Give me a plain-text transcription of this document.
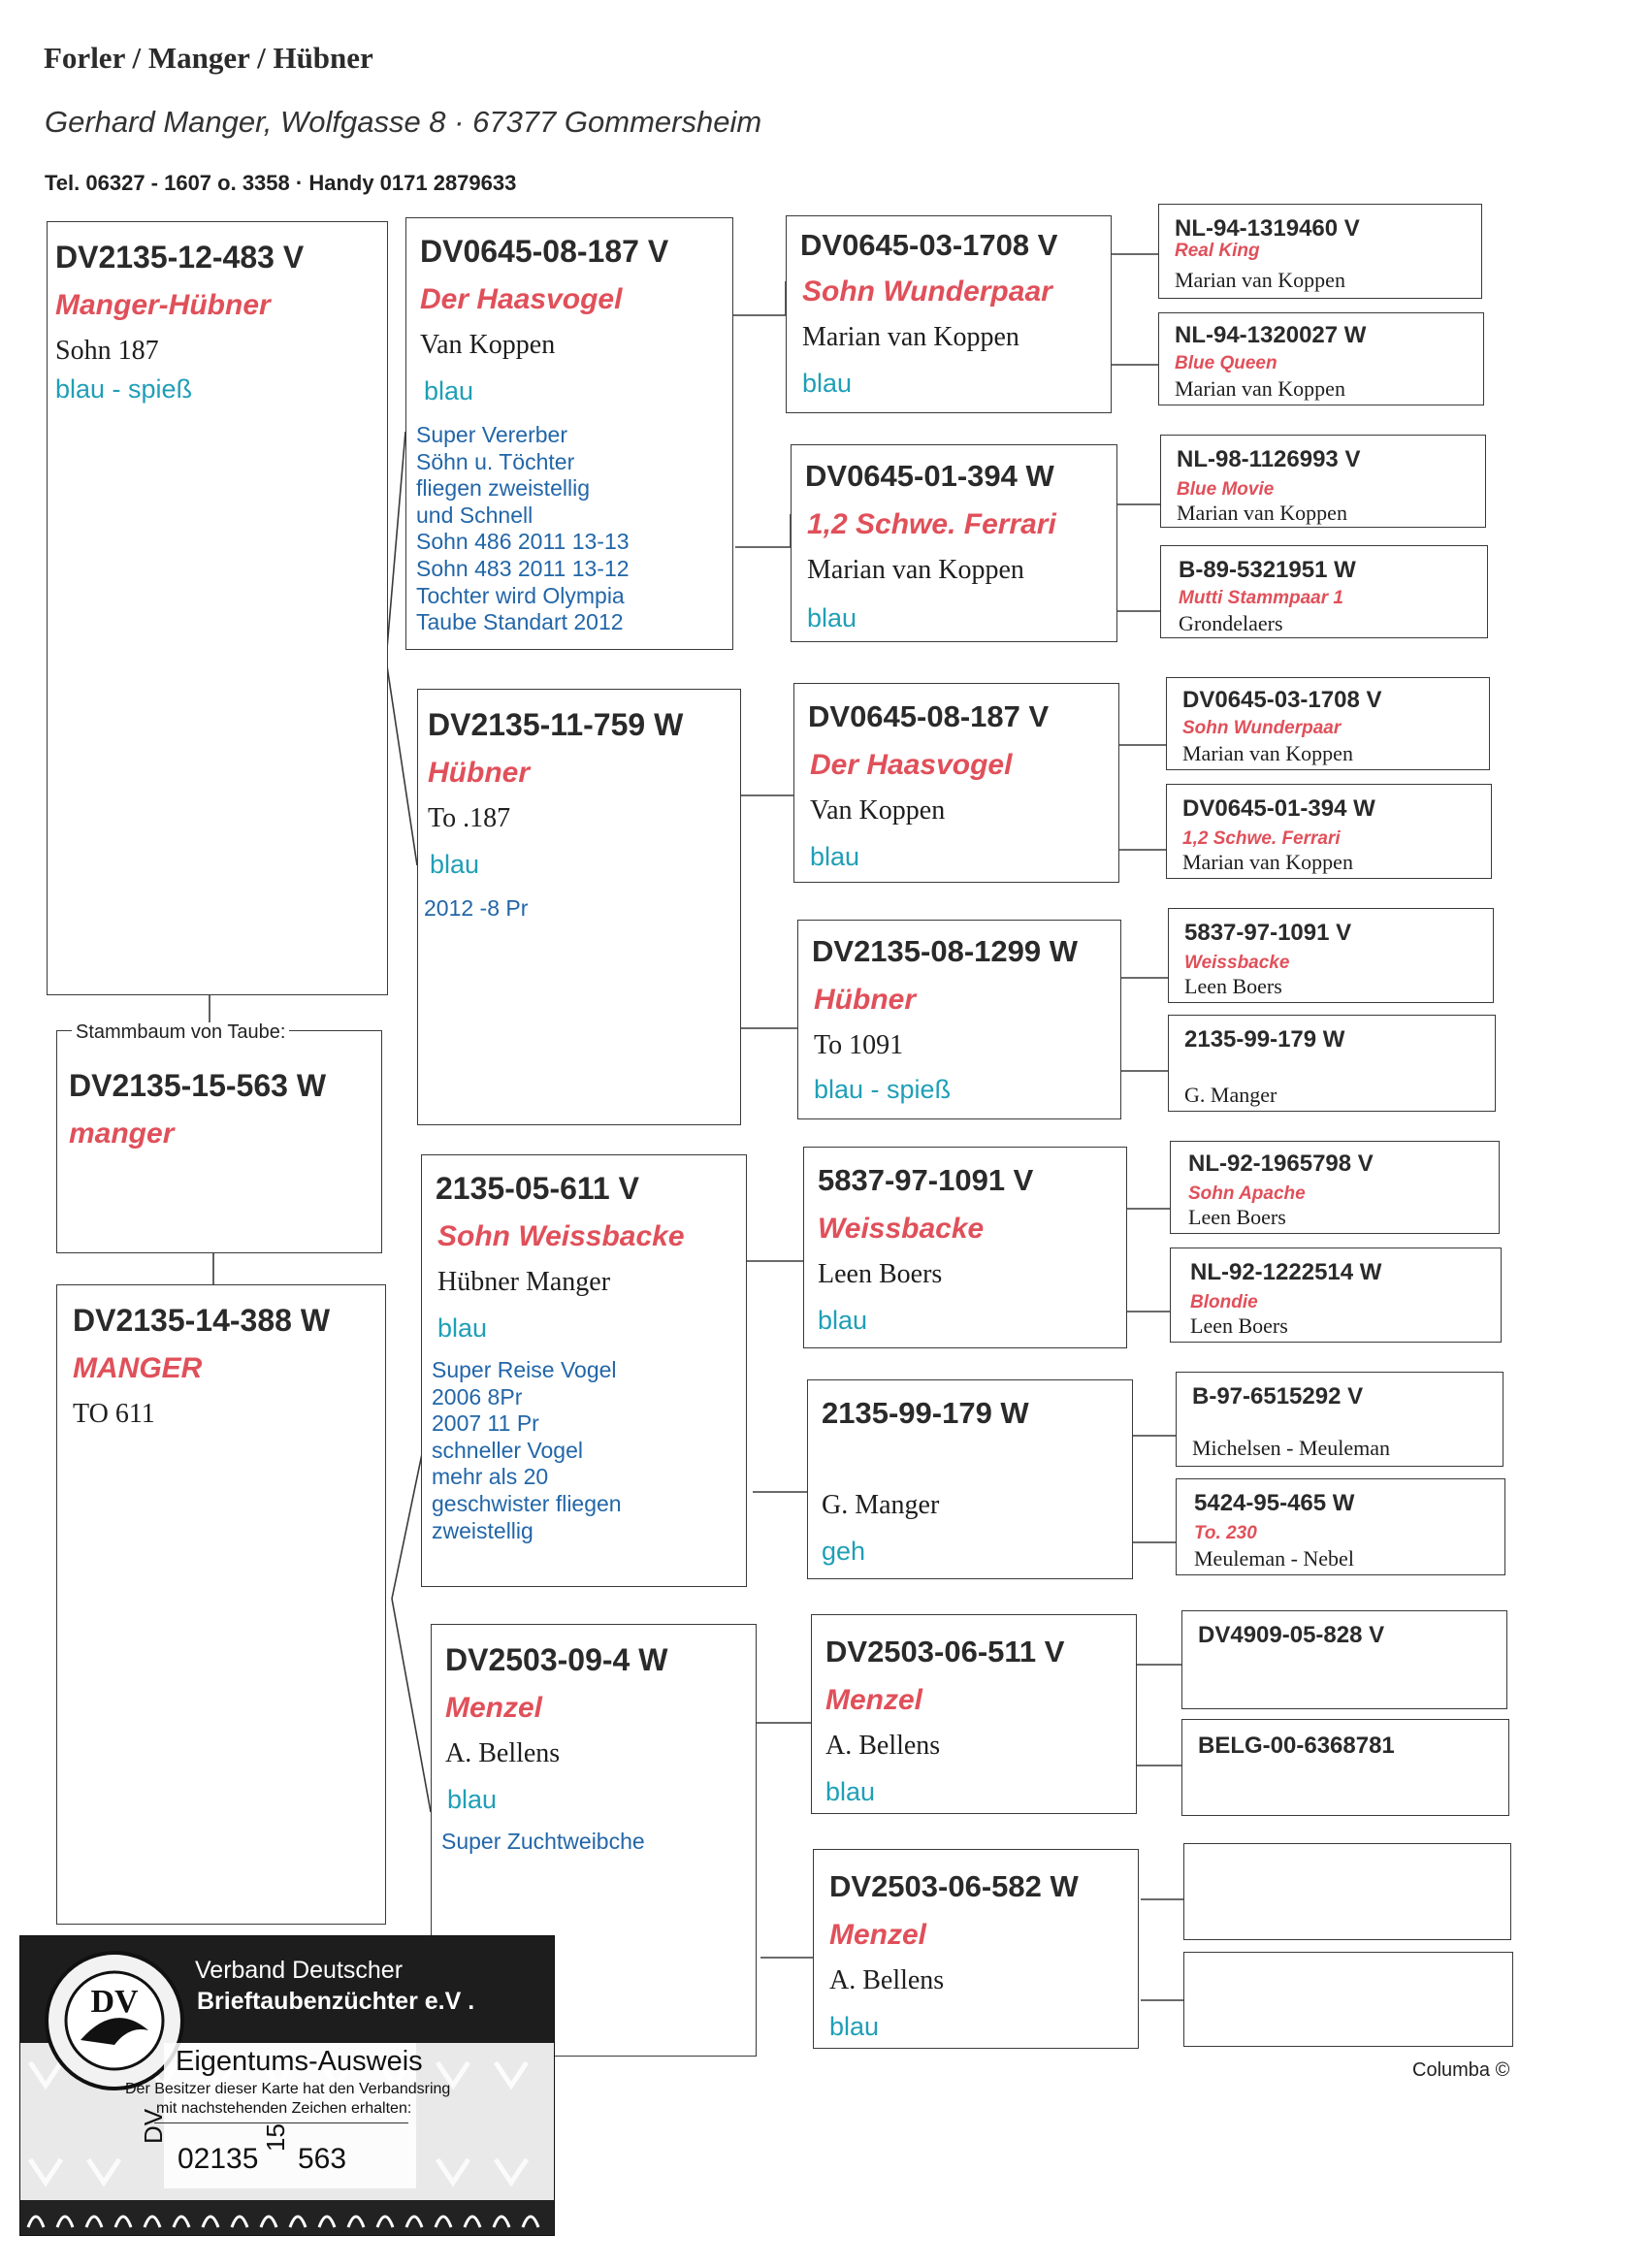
Forler / Manger / Hübner
Gerhard Manger, Wolfgasse 8 · 67377 Gommersheim
Tel. 06327 - 1607 o. 3358 · Handy 0171 2879633
DV2135-12-483 V
Manger-Hübner
Sohn 187
blau - spieß
DV2135-15-563 W
manger
Stammbaum von Taube:
DV2135-14-388 W
MANGER
TO 611
DV0645-08-187 V
Der Haasvogel
Van Koppen
blau
Super Vererber
Söhn u. Töchter
fliegen zweistellig
und Schnell
Sohn 486 2011 13-13
Sohn 483 2011 13-12
Tochter wird Olympia
Taube Standart 2012
DV2135-11-759 W
Hübner
To .187
blau
2012 -8 Pr
2135-05-611 V
Sohn Weissbacke
Hübner Manger
blau
Super Reise Vogel
2006 8Pr
2007 11 Pr
schneller Vogel
mehr als 20
geschwister fliegen
zweistellig
DV2503-09-4 W
Menzel
A. Bellens
blau
Super Zuchtweibche
DV0645-03-1708 V
Sohn Wunderpaar
Marian van Koppen
blau
DV0645-01-394 W
1,2 Schwe. Ferrari
Marian van Koppen
blau
DV0645-08-187 V
Der Haasvogel
Van Koppen
blau
DV2135-08-1299 W
Hübner
To 1091
blau - spieß
5837-97-1091 V
Weissbacke
Leen Boers
blau
2135-99-179 W
G. Manger
geh
DV2503-06-511 V
Menzel
A. Bellens
blau
DV2503-06-582 W
Menzel
A. Bellens
blau
NL-94-1319460 V
Real King
Marian van Koppen
NL-94-1320027 W
Blue Queen
Marian van Koppen
NL-98-1126993 V
Blue Movie
Marian van Koppen
B-89-5321951 W
Mutti Stammpaar 1
Grondelaers
DV0645-03-1708 V
Sohn Wunderpaar
Marian van Koppen
DV0645-01-394 W
1,2 Schwe. Ferrari
Marian van Koppen
5837-97-1091 V
Weissbacke
Leen Boers
2135-99-179 W
G. Manger
NL-92-1965798 V
Sohn Apache
Leen Boers
NL-92-1222514 W
Blondie
Leen Boers
B-97-6515292 V
Michelsen - Meuleman
5424-95-465 W
To. 230
Meuleman - Nebel
DV4909-05-828 V
BELG-00-6368781
Columba ©
DV
Verband Deutscher
Brieftaubenzüchter e.V .
Eigentums-Ausweis
Der Besitzer dieser Karte hat den Verbandsring
mit nachstehenden Zeichen erhalten:
DV
02135
15
563
